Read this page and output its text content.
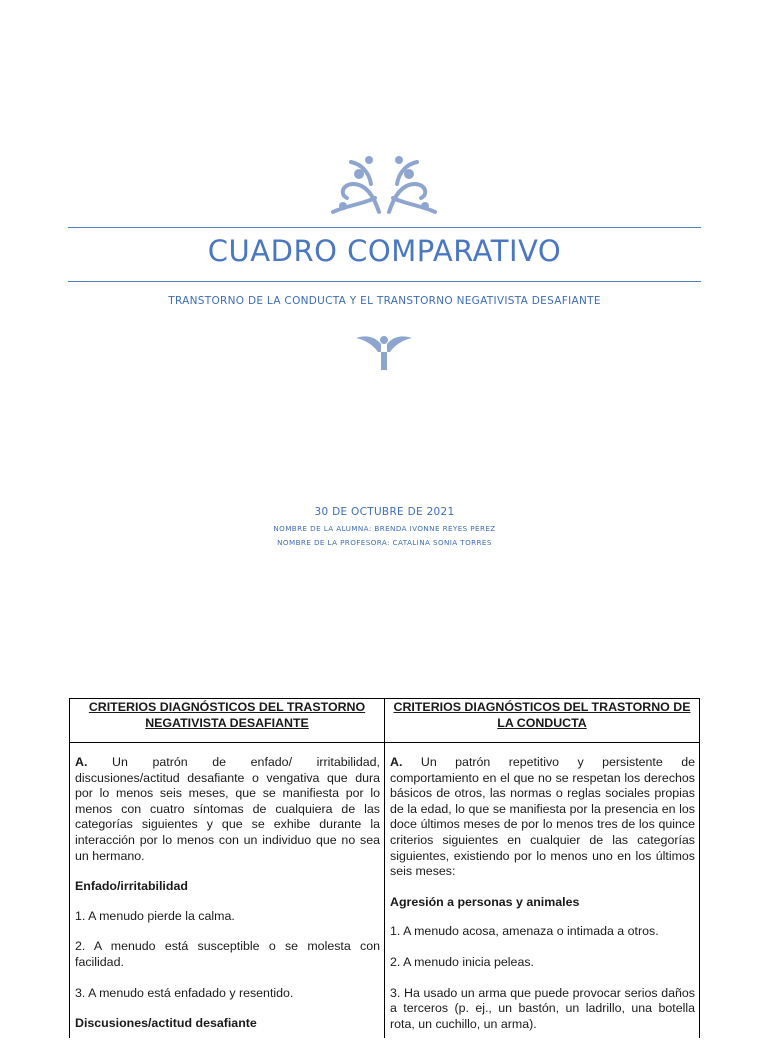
CUADRO COMPARATIVO
TRANSTORNO DE LA CONDUCTA Y EL TRANSTORNO NEGATIVISTA DESAFIANTE
30 DE OCTUBRE DE 2021
NOMBRE DE LA ALUMNA: BRENDA IVONNE REYES PÈREZ
NOMBRE DE LA PROFESORA: CATALINA SONIA TORRES
CRITERIOS DIAGNÓSTICOS DEL TRASTORNO NEGATIVISTA DESAFIANTE
CRITERIOS DIAGNÓSTICOS DEL TRASTORNO DE LA CONDUCTA

A. Un patrón de enfado/ irritabilidad, discusiones/actitud desafiante o vengativa que dura por lo menos seis meses, que se manifiesta por lo menos con cuatro síntomas de cualquiera de las categorías siguientes y que se exhibe durante la interacción por lo menos con un individuo que no sea un hermano.

Enfado/irritabilidad

1. A menudo pierde la calma.

2. A menudo está susceptible o se molesta con facilidad.

3. A menudo está enfadado y resentido.

Discusiones/actitud desafiante

A. Un patrón repetitivo y persistente de comportamiento en el que no se respetan los derechos básicos de otros, las normas o reglas sociales propias de la edad, lo que se manifiesta por la presencia en los doce últimos meses de por lo menos tres de los quince criterios siguientes en cualquier de las categorías siguientes, existiendo por lo menos uno en los últimos seis meses:

Agresión a personas y animales

1. A menudo acosa, amenaza o intimada a otros.

2. A menudo inicia peleas.

3. Ha usado un arma que puede provocar serios daños a terceros (p. ej., un bastón, un ladrillo, una botella rota, un cuchillo, un arma).
